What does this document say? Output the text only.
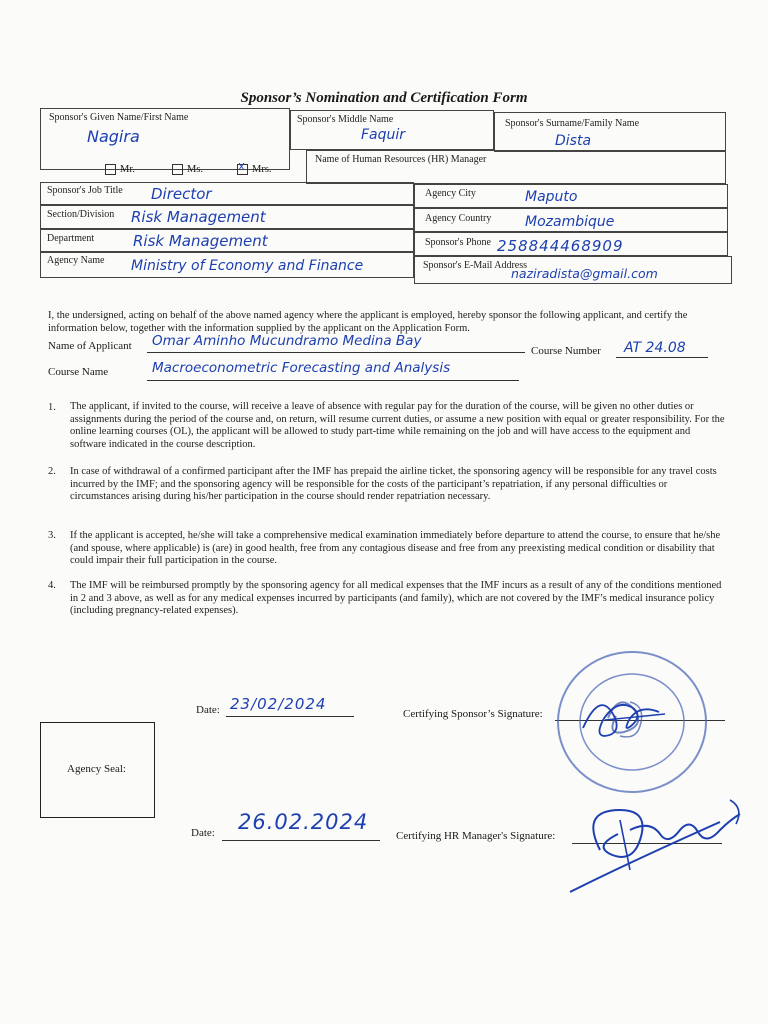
Sponsor’s Nomination and Certification Form
Sponsor's Given Name/First Name
Nagira
Sponsor's Middle Name
Faquir
Sponsor's Surname/Family Name
Dista
Mr.	Ms.
X	Mrs.
Name of Human Resources (HR) Manager
Sponsor's Job Title Director
Section/Division Risk Management
Department	Risk Management
Agency Name Ministry of Economy and Finance
Agency City	Maputo
Agency Country Mozambique
Sponsor's Phone 258844468909
Sponsor's E-Mail Address
naziradista@gmail.com
I, the undersigned, acting on behalf of the above named agency where the applicant is employed, hereby sponsor the following applicant, and certify the information below, together with the information supplied by the applicant on the Application Form.
Name of Applicant Omar Aminho Mucundramo Medina Bay
Course Number AT 24.08
Course Name	Macroeconometric Forecasting and Analysis
1. The applicant, if invited to the course, will receive a leave of absence with regular pay for the duration of the course, will be given no other duties or assignments during the period of the course and, on return, will resume current duties, or assume a new position with equal or greater responsibility. For the online learning courses (OL), the applicant will be allowed to study part-time while remaining on the job and will have access to the equipment and software indicated in the course description.
2. In case of withdrawal of a confirmed participant after the IMF has prepaid the airline ticket, the sponsoring agency will be responsible for any travel costs incurred by the IMF; and the sponsoring agency will be responsible for the costs of the participant’s repatriation, if any personal difficulties or circumstances arising during his/her participation in the course should render repatriation necessary.
3. If the applicant is accepted, he/she will take a comprehensive medical examination immediately before departure to attend the course, to ensure that he/she (and spouse, where applicable) is (are) in good health, free from any contagious disease and free from any preexisting medical condition or disability that could impair their full participation in the course.
4. The IMF will be reimbursed promptly by the sponsoring agency for all medical expenses that the IMF incurs as a result of any of the conditions mentioned in 2 and 3 above, as well as for any medical expenses incurred by participants (and family), which are not covered by the IMF’s medical insurance policy (including pregnancy-related expenses).
Date: 23/02/2024
Certifying Sponsor’s Signature:
Agency Seal:
Date: 26.02.2024
Certifying HR Manager's Signature:
